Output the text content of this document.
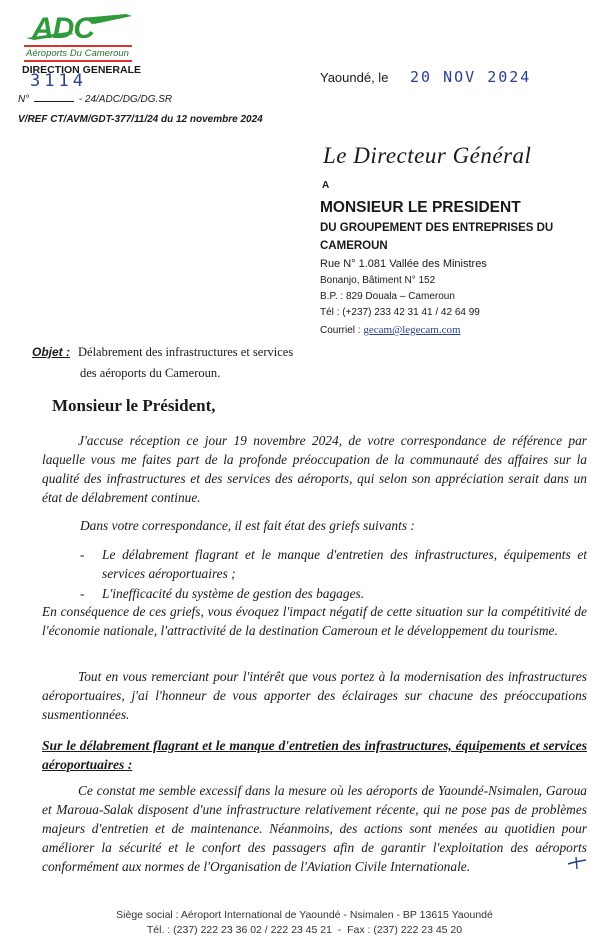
ADC
Aéroports Du Cameroun
DIRECTION GENERALE
3114
N°	- 24/ADC/DG/DG.SR
V/REF CT/AVM/GDT-377/11/24 du 12 novembre 2024
Yaoundé, le 20 NOV 2024
Le Directeur Général
A
MONSIEUR LE PRESIDENT
DU GROUPEMENT DES ENTREPRISES DU
CAMEROUN
Rue N° 1.081 Vallée des Ministres
Bonanjo, Bâtiment N° 152
B.P. : 829 Douala – Cameroun
Tél : (+237) 233 42 31 41 / 42 64 99
Courriel : gecam@legecam.com
Objet : Délabrement des infrastructures et services
des aéroports du Cameroun.
Monsieur le Président,
J'accuse réception ce jour 19 novembre 2024, de votre correspondance de référence par laquelle vous me faites part de la profonde préoccupation de la communauté des affaires sur la qualité des infrastructures et des services des aéroports, qui selon son appréciation serait dans un état de délabrement continue.
Dans votre correspondance, il est fait état des griefs suivants :
-	Le délabrement flagrant et le manque d'entretien des infrastructures, équipements et services aéroportuaires ;
-	L'inefficacité du système de gestion des bagages.
En conséquence de ces griefs, vous évoquez l'impact négatif de cette situation sur la compétitivité de l'économie nationale, l'attractivité de la destination Cameroun et le développement du tourisme.
Tout en vous remerciant pour l'intérêt que vous portez à la modernisation des infrastructures aéroportuaires, j'ai l'honneur de vous apporter des éclairages sur chacune des préoccupations susmentionnées.
Sur le délabrement flagrant et le manque d'entretien des infrastructures, équipements et services aéroportuaires :
Ce constat me semble excessif dans la mesure où les aéroports de Yaoundé-Nsimalen, Garoua et Maroua-Salak disposent d'une infrastructure relativement récente, qui ne pose pas de problèmes majeurs d'entretien et de maintenance. Néanmoins, des actions sont menées au quotidien pour améliorer la sécurité et le confort des passagers afin de garantir l'exploitation des aéroports conformément aux normes de l'Organisation de l'Aviation Civile Internationale.
Siège social : Aéroport International de Yaoundé - Nsimalen - BP 13615 Yaoundé
Tél. : (237) 222 23 36 02 / 222 23 45 21  -  Fax : (237) 222 23 45 20
